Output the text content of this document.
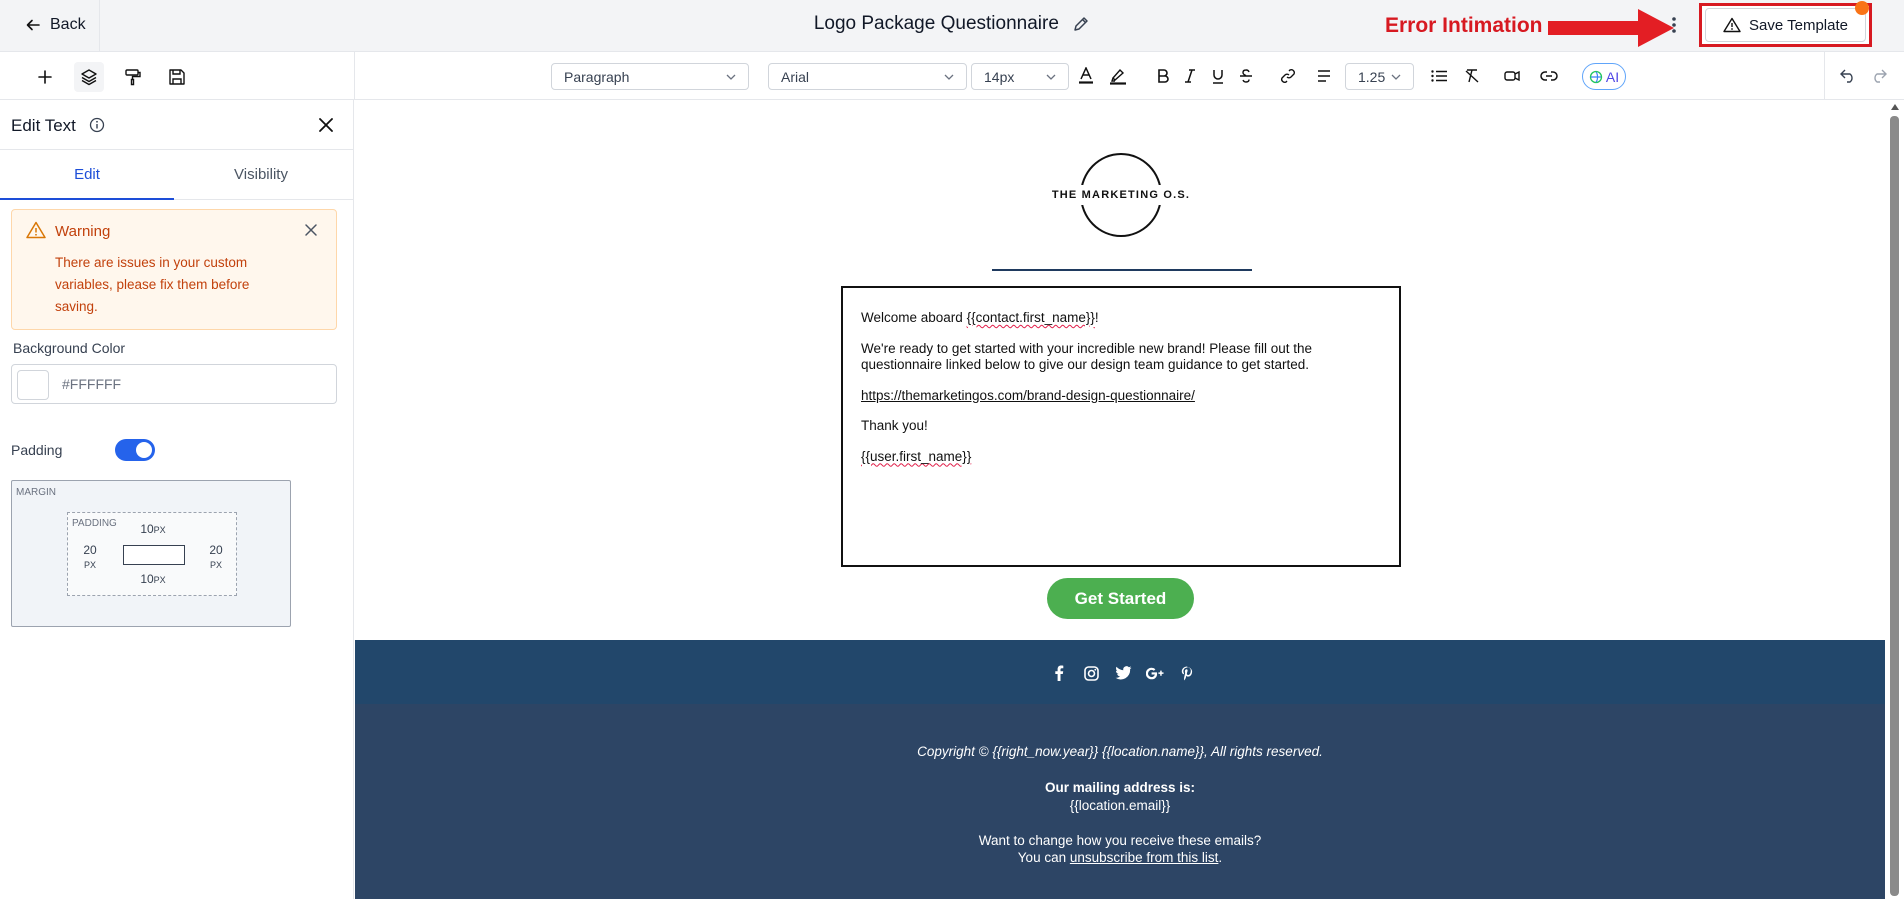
Back	Logo Package Questionnaire	Error Intimation	Save Template
Paragraph	Arial	14px	1.25	AI
Edit Text
Edit	Visibility
Warning
There are issues in your custom variables, please fix them before saving.
Background Color
#FFFFFF
Padding
MARGIN
PADDING 10PX
20
PX
20
PX
10PX
THE MARKETING O.S.

Welcome aboard {{contact.first_name}}!

We're ready to get started with your incredible new brand! Please fill out the questionnaire linked below to give our design team guidance to get started.

https://themarketingos.com/brand-design-questionnaire/

Thank you!

{{user.first_name}}

Get Started
Copyright © {{right_now.year}} {{location.name}}, All rights reserved.
Our mailing address is:
{{location.email}}
Want to change how you receive these emails?
You can unsubscribe from this list.
